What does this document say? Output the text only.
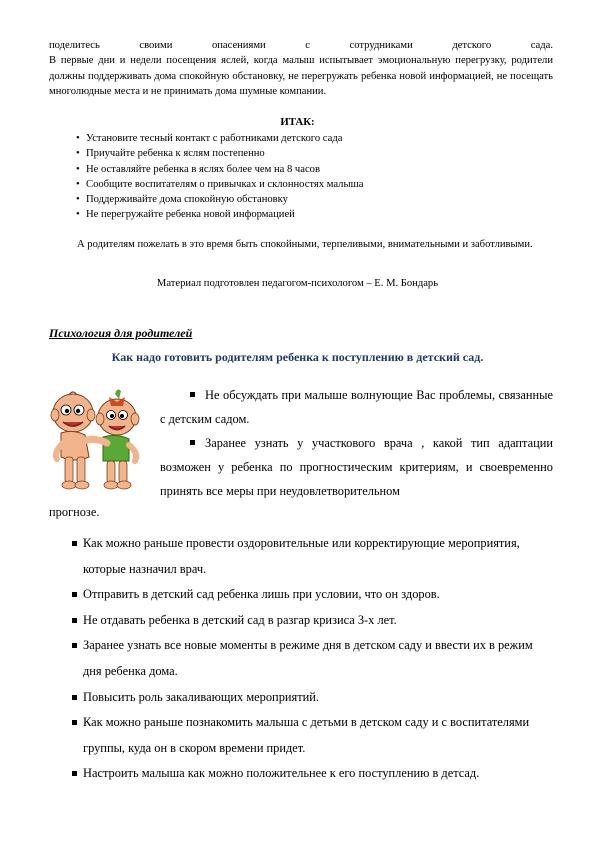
поделитесь своими опасениями с сотрудниками детского сада.
В первые дни и недели посещения яслей, когда малыш испытывает эмоциональную перегрузку, родители должны поддерживать дома спокойную обстановку, не перегружать ребенка новой информацией, не посещать многолюдные места и не принимать дома шумные компании.
ИТАК:
• Установите тесный контакт с работниками детского сада
• Приучайте ребенка к яслям постепенно
• Не оставляйте ребенка в яслях более чем на 8 часов
• Сообщите воспитателям о привычках и склонностях малыша
• Поддерживайте дома спокойную обстановку
• Не перегружайте ребенка новой информацией
А родителям пожелать в это время быть спокойными, терпеливыми, внимательными и заботливыми.
Материал подготовлен педагогом-психологом – Е. М. Бондарь
Психология для родителей
Как надо готовить родителям ребенка к поступлению в детский сад.
Не обсуждать при малыше волнующие Вас проблемы, связанные с детским садом.
Заранее узнать у участкового врача , какой тип адаптации возможен у ребенка по прогностическим критериям, и своевременно принять все меры при неудовлетворительном
прогнозе.
Как можно раньше провести оздоровительные или корректирующие мероприятия, которые назначил врач.
Отправить в детский сад ребенка лишь при условии, что он здоров.
Не отдавать ребенка в детский сад в разгар кризиса 3-х лет.
Заранее узнать все новые моменты в режиме дня в детском саду и ввести их в режим дня ребенка дома.
Повысить роль закаливающих мероприятий.
Как можно раньше познакомить малыша с детьми в детском саду и с воспитателями группы, куда он в скором времени придет.
Настроить малыша как можно положительнее к его поступлению в детсад.
